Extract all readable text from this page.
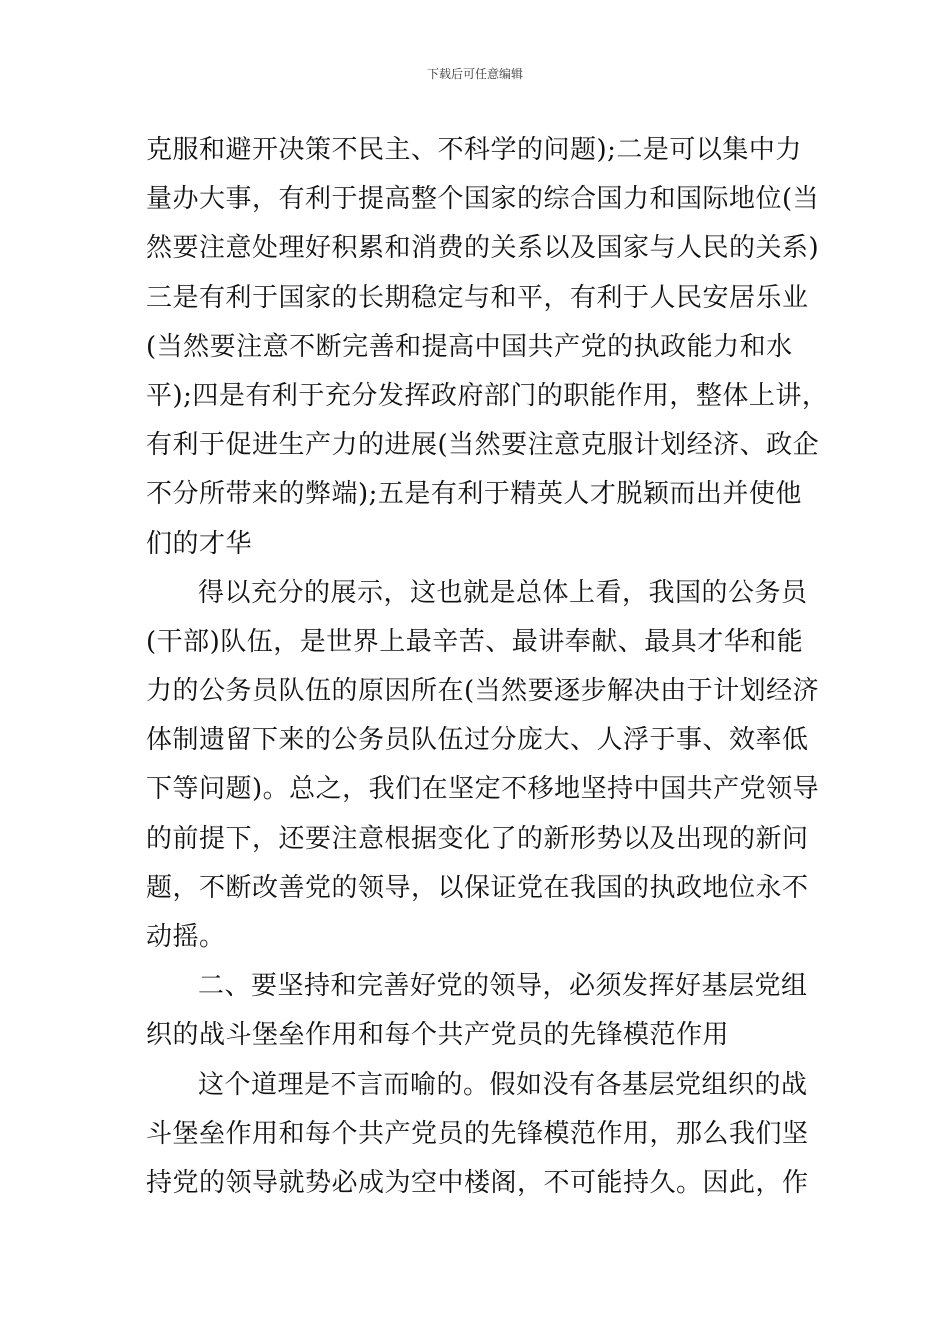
下载后可任意编辑
克服和避开决策不民主、不科学的问题);二是可以集中力
量办大事，有利于提高整个国家的综合国力和国际地位(当
然要注意处理好积累和消费的关系以及国家与人民的关系)
三是有利于国家的长期稳定与和平，有利于人民安居乐业
(当然要注意不断完善和提高中国共产党的执政能力和水
平);四是有利于充分发挥政府部门的职能作用，整体上讲，
有利于促进生产力的进展(当然要注意克服计划经济、政企
不分所带来的弊端);五是有利于精英人才脱颖而出并使他
们的才华
得以充分的展示，这也就是总体上看，我国的公务员
(干部)队伍，是世界上最辛苦、最讲奉献、最具才华和能
力的公务员队伍的原因所在(当然要逐步解决由于计划经济
体制遗留下来的公务员队伍过分庞大、人浮于事、效率低
下等问题)。总之，我们在坚定不移地坚持中国共产党领导
的前提下，还要注意根据变化了的新形势以及出现的新问
题，不断改善党的领导，以保证党在我国的执政地位永不
动摇。
二、要坚持和完善好党的领导，必须发挥好基层党组
织的战斗堡垒作用和每个共产党员的先锋模范作用
这个道理是不言而喻的。假如没有各基层党组织的战
斗堡垒作用和每个共产党员的先锋模范作用，那么我们坚
持党的领导就势必成为空中楼阁，不可能持久。因此，作
